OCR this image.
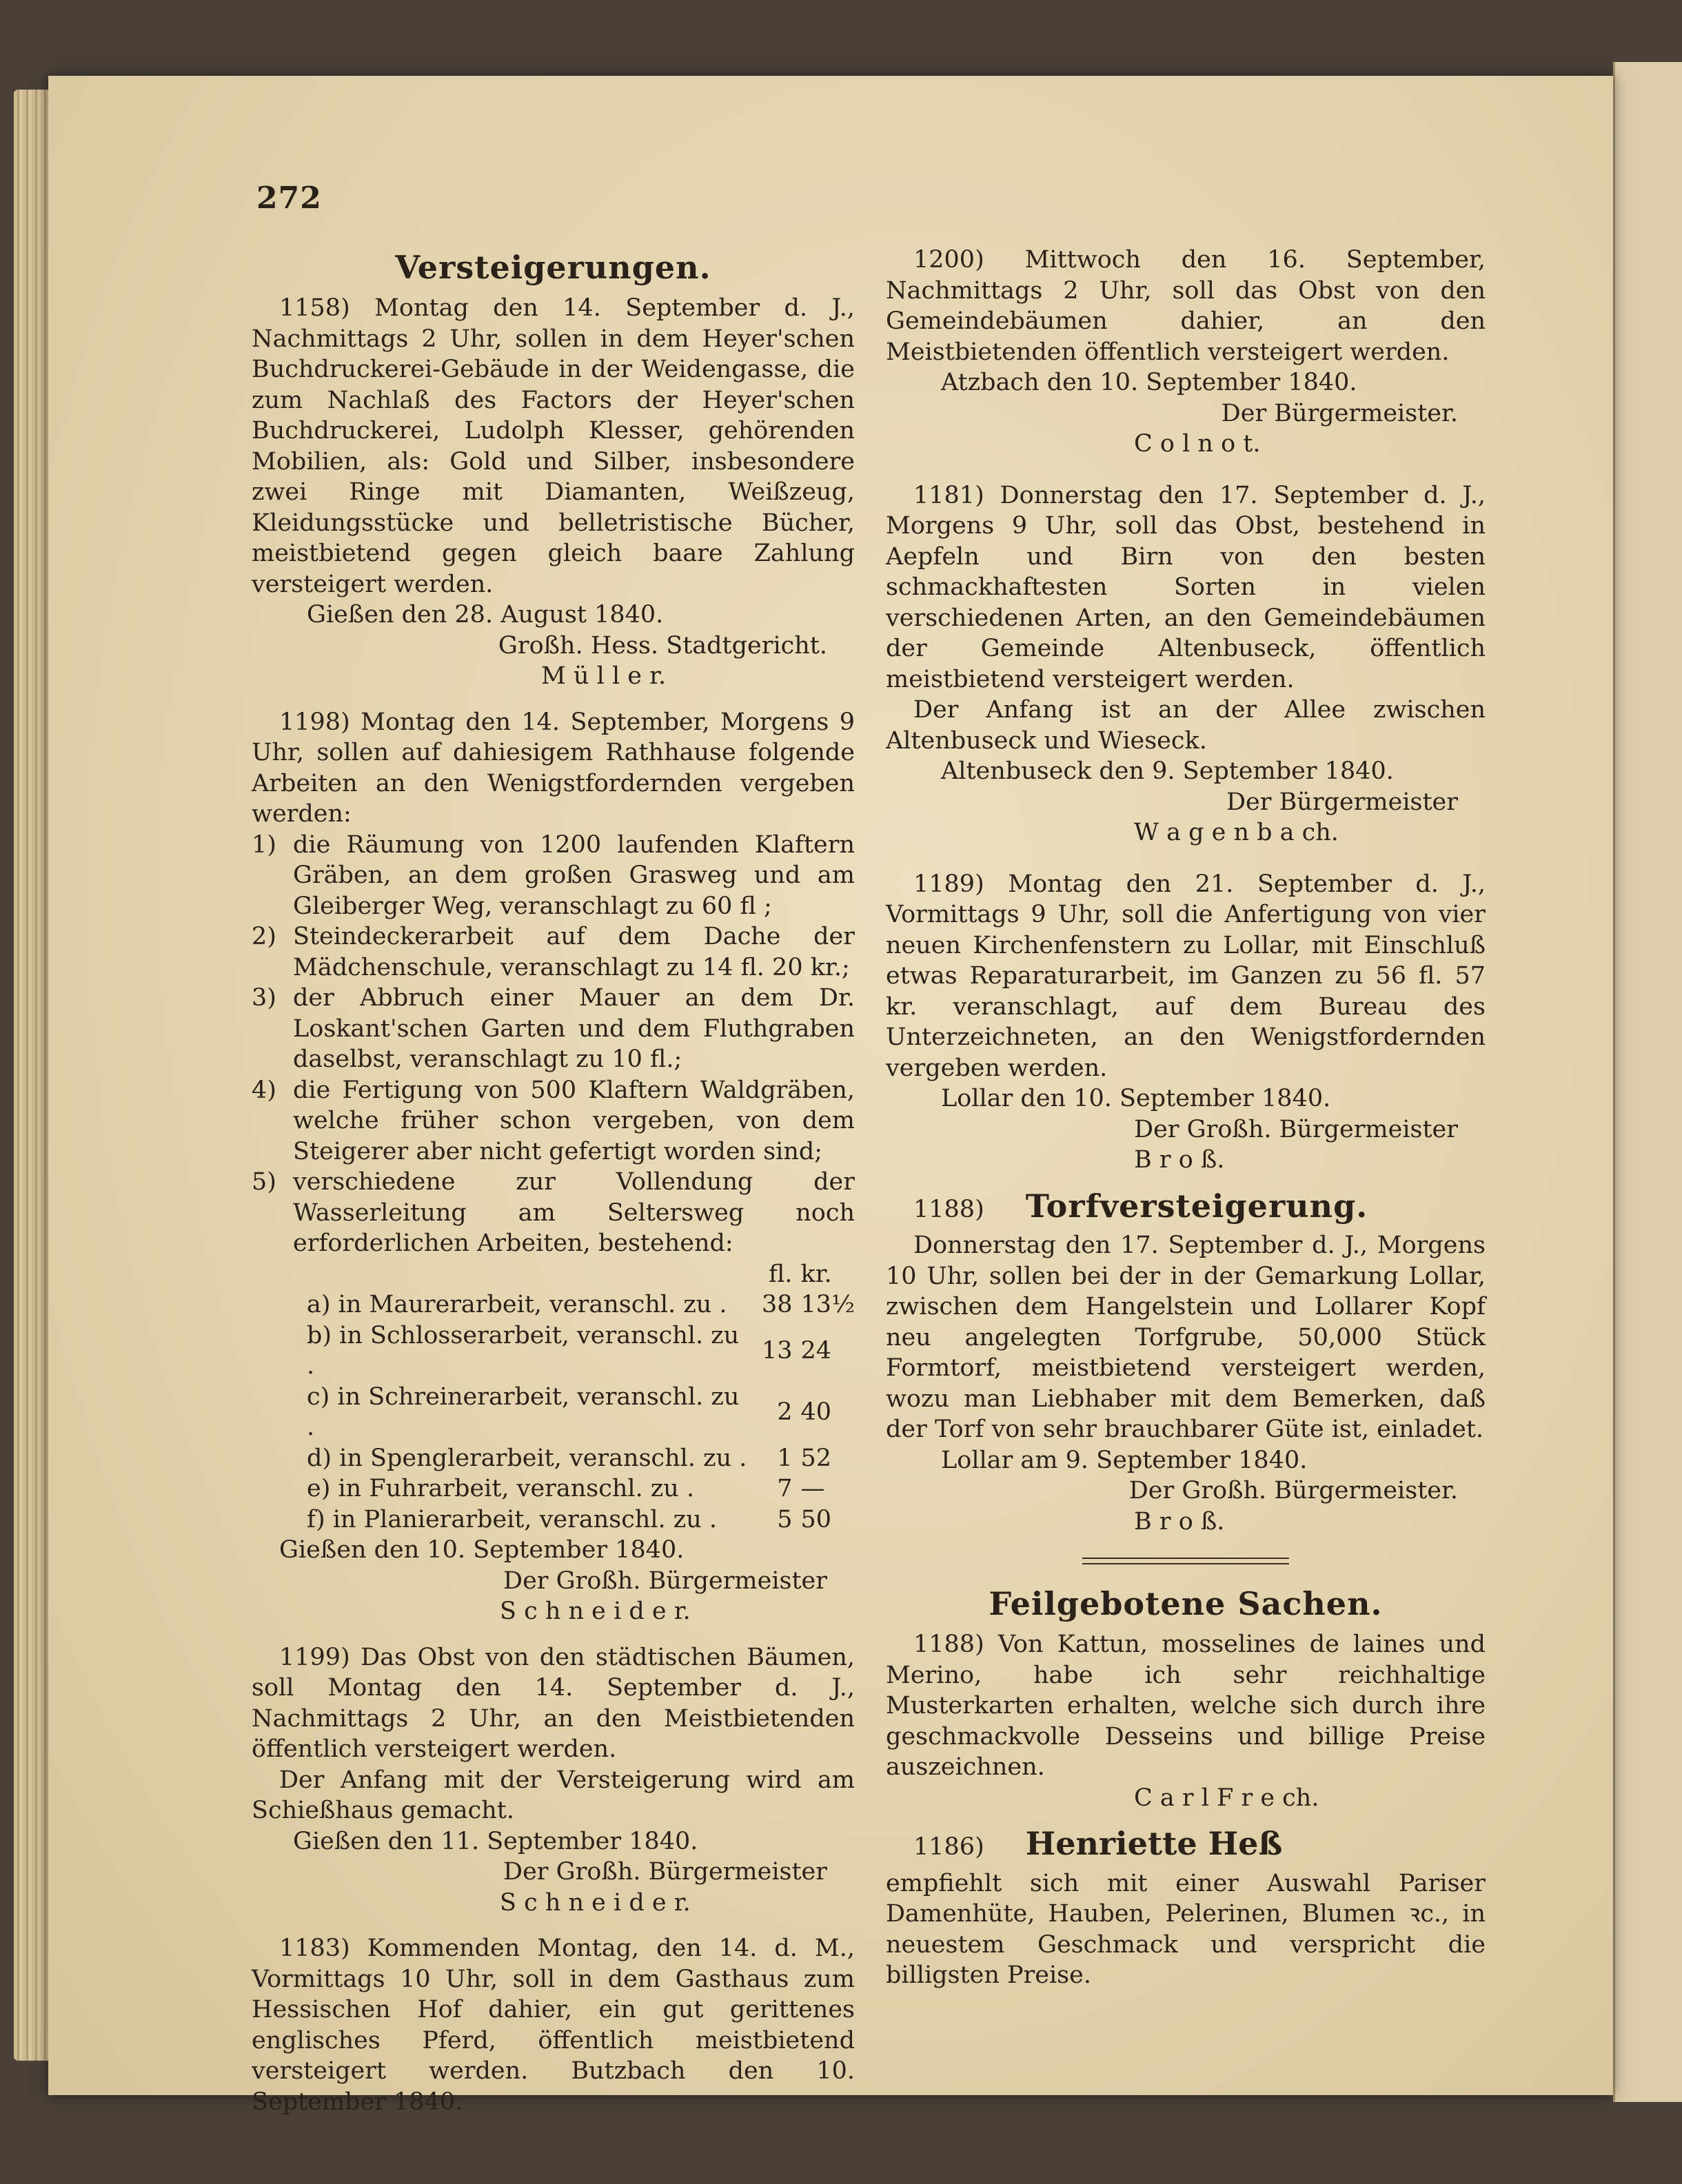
272
Versteigerungen.

1158) Montag den 14. September d. J., Nachmittags 2 Uhr, sollen in dem Heyer'schen Buchdruckerei-Gebäude in der Weidengasse, die zum Nachlaß des Factors der Heyer'schen Buchdruckerei, Ludolph Klesser, gehörenden Mobilien, als: Gold und Silber, insbesondere zwei Ringe mit Diamanten, Weißzeug, Kleidungsstücke und belletristische Bücher, meistbietend gegen gleich baare Zahlung versteigert werden.

Gießen den 28. August 1840.

Großh. Hess. Stadtgericht.

M ü l l e r.

1198) Montag den 14. September, Morgens 9 Uhr, sollen auf dahiesigem Rathhause folgende Arbeiten an den Wenigstfordernden vergeben werden:

1) die Räumung von 1200 laufenden Klaftern Gräben, an dem großen Grasweg und am Gleiberger Weg, veranschlagt zu 60 fl ;
2) Steindeckerarbeit auf dem Dache der Mädchenschule, veranschlagt zu 14 fl. 20 kr.;
3) der Abbruch einer Mauer an dem Dr. Loskant'schen Garten und dem Fluthgraben daselbst, veranschlagt zu 10 fl.;
4) die Fertigung von 500 Klaftern Waldgräben, welche früher schon vergeben, von dem Steigerer aber nicht gefertigt worden sind;
5) verschiedene zur Vollendung der Wasserleitung am Seltersweg noch erforderlichen Arbeiten, bestehend:
	fl.	kr.
a) in Maurerarbeit, veranschl. zu .	38	13½
b) in Schlosserarbeit, veranschl. zu .	13	24
c) in Schreinerarbeit, veranschl. zu .	2	40
d) in Spenglerarbeit, veranschl. zu .	1	52
e) in Fuhrarbeit, veranschl. zu .	7	—
f) in Planierarbeit, veranschl. zu .	5	50

Gießen den 10. September 1840.

Der Großh. Bürgermeister

S c h n e i d e r.

1199) Das Obst von den städtischen Bäumen, soll Montag den 14. September d. J., Nachmittags 2 Uhr, an den Meistbietenden öffentlich versteigert werden.

Der Anfang mit der Versteigerung wird am Schießhaus gemacht.

Gießen den 11. September 1840.

Der Großh. Bürgermeister

S c h n e i d e r.

1183) Kommenden Montag, den 14. d. M., Vormittags 10 Uhr, soll in dem Gasthaus zum Hessischen Hof dahier, ein gut gerittenes englisches Pferd, öffentlich meistbietend versteigert werden. Butzbach den 10. September 1840.

1200) Mittwoch den 16. September, Nachmittags 2 Uhr, soll das Obst von den Gemeindebäumen dahier, an den Meistbietenden öffentlich versteigert werden.

Atzbach den 10. September 1840.

Der Bürgermeister.

C o l n o t.

1181) Donnerstag den 17. September d. J., Morgens 9 Uhr, soll das Obst, bestehend in Aepfeln und Birn von den besten schmackhaftesten Sorten in vielen verschiedenen Arten, an den Gemeindebäumen der Gemeinde Altenbuseck, öffentlich meistbietend versteigert werden.

Der Anfang ist an der Allee zwischen Altenbuseck und Wieseck.

Altenbuseck den 9. September 1840.

Der Bürgermeister

W a g e n b a ch.

1189) Montag den 21. September d. J., Vormittags 9 Uhr, soll die Anfertigung von vier neuen Kirchenfenstern zu Lollar, mit Einschluß etwas Reparaturarbeit, im Ganzen zu 56 fl. 57 kr. veranschlagt, auf dem Bureau des Unterzeichneten, an den Wenigstfordernden vergeben werden.

Lollar den 10. September 1840.

Der Großh. Bürgermeister

B r o ß.

1188) Torfversteigerung.

Donnerstag den 17. September d. J., Morgens 10 Uhr, sollen bei der in der Gemarkung Lollar, zwischen dem Hangelstein und Lollarer Kopf neu angelegten Torfgrube, 50,000 Stück Formtorf, meistbietend versteigert werden, wozu man Liebhaber mit dem Bemerken, daß der Torf von sehr brauchbarer Güte ist, einladet.

Lollar am 9. September 1840.

Der Großh. Bürgermeister.

B r o ß.

Feilgebotene Sachen.

1188) Von Kattun, mosselines de laines und Merino, habe ich sehr reichhaltige Musterkarten erhalten, welche sich durch ihre geschmackvolle Desseins und billige Preise auszeichnen.

C a r l F r e ch.

1186) Henriette Heß

empfiehlt sich mit einer Auswahl Pariser Damenhüte, Hauben, Pelerinen, Blumen ꝛc., in neuestem Geschmack und verspricht die billigsten Preise.
